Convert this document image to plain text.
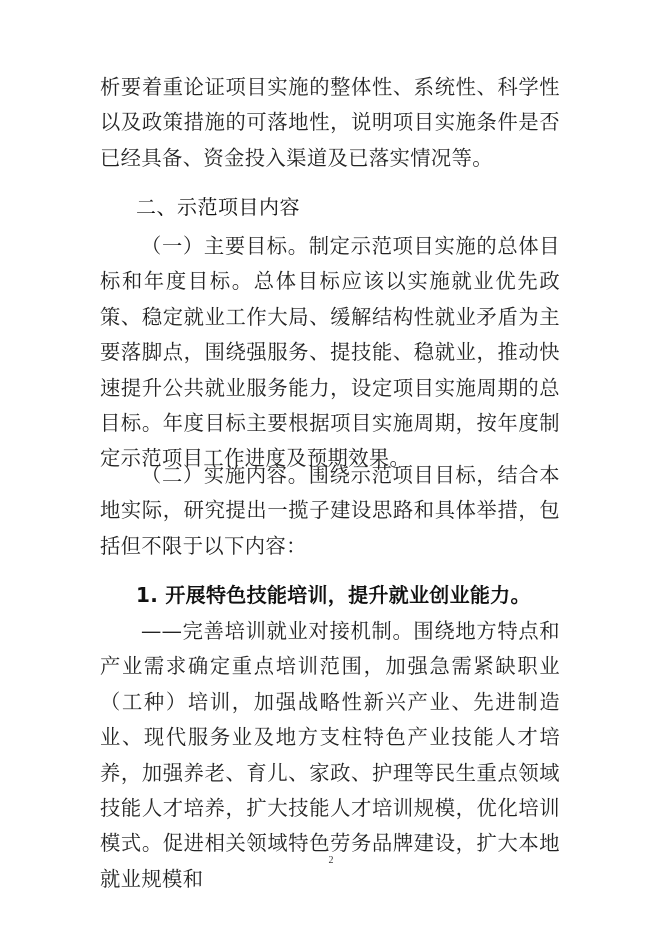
析要着重论证项目实施的整体性、系统性、科学性以及政策措施的可落地性，说明项目实施条件是否已经具备、资金投入渠道及已落实情况等。

二、示范项目内容

（一）主要目标。制定示范项目实施的总体目标和年度目标。总体目标应该以实施就业优先政策、稳定就业工作大局、缓解结构性就业矛盾为主要落脚点，围绕强服务、提技能、稳就业，推动快速提升公共就业服务能力，设定项目实施周期的总目标。年度目标主要根据项目实施周期，按年度制定示范项目工作进度及预期效果。

（二）实施内容。围绕示范项目目标，结合本地实际，研究提出一揽子建设思路和具体举措，包括但不限于以下内容：

1. 开展特色技能培训，提升就业创业能力。

——完善培训就业对接机制。围绕地方特点和产业需求确定重点培训范围，加强急需紧缺职业（工种）培训，加强战略性新兴产业、先进制造业、现代服务业及地方支柱特色产业技能人才培养，加强养老、育儿、家政、护理等民生重点领域技能人才培养，扩大技能人才培训规模，优化培训模式。促进相关领域特色劳务品牌建设，扩大本地就业规模和

2
